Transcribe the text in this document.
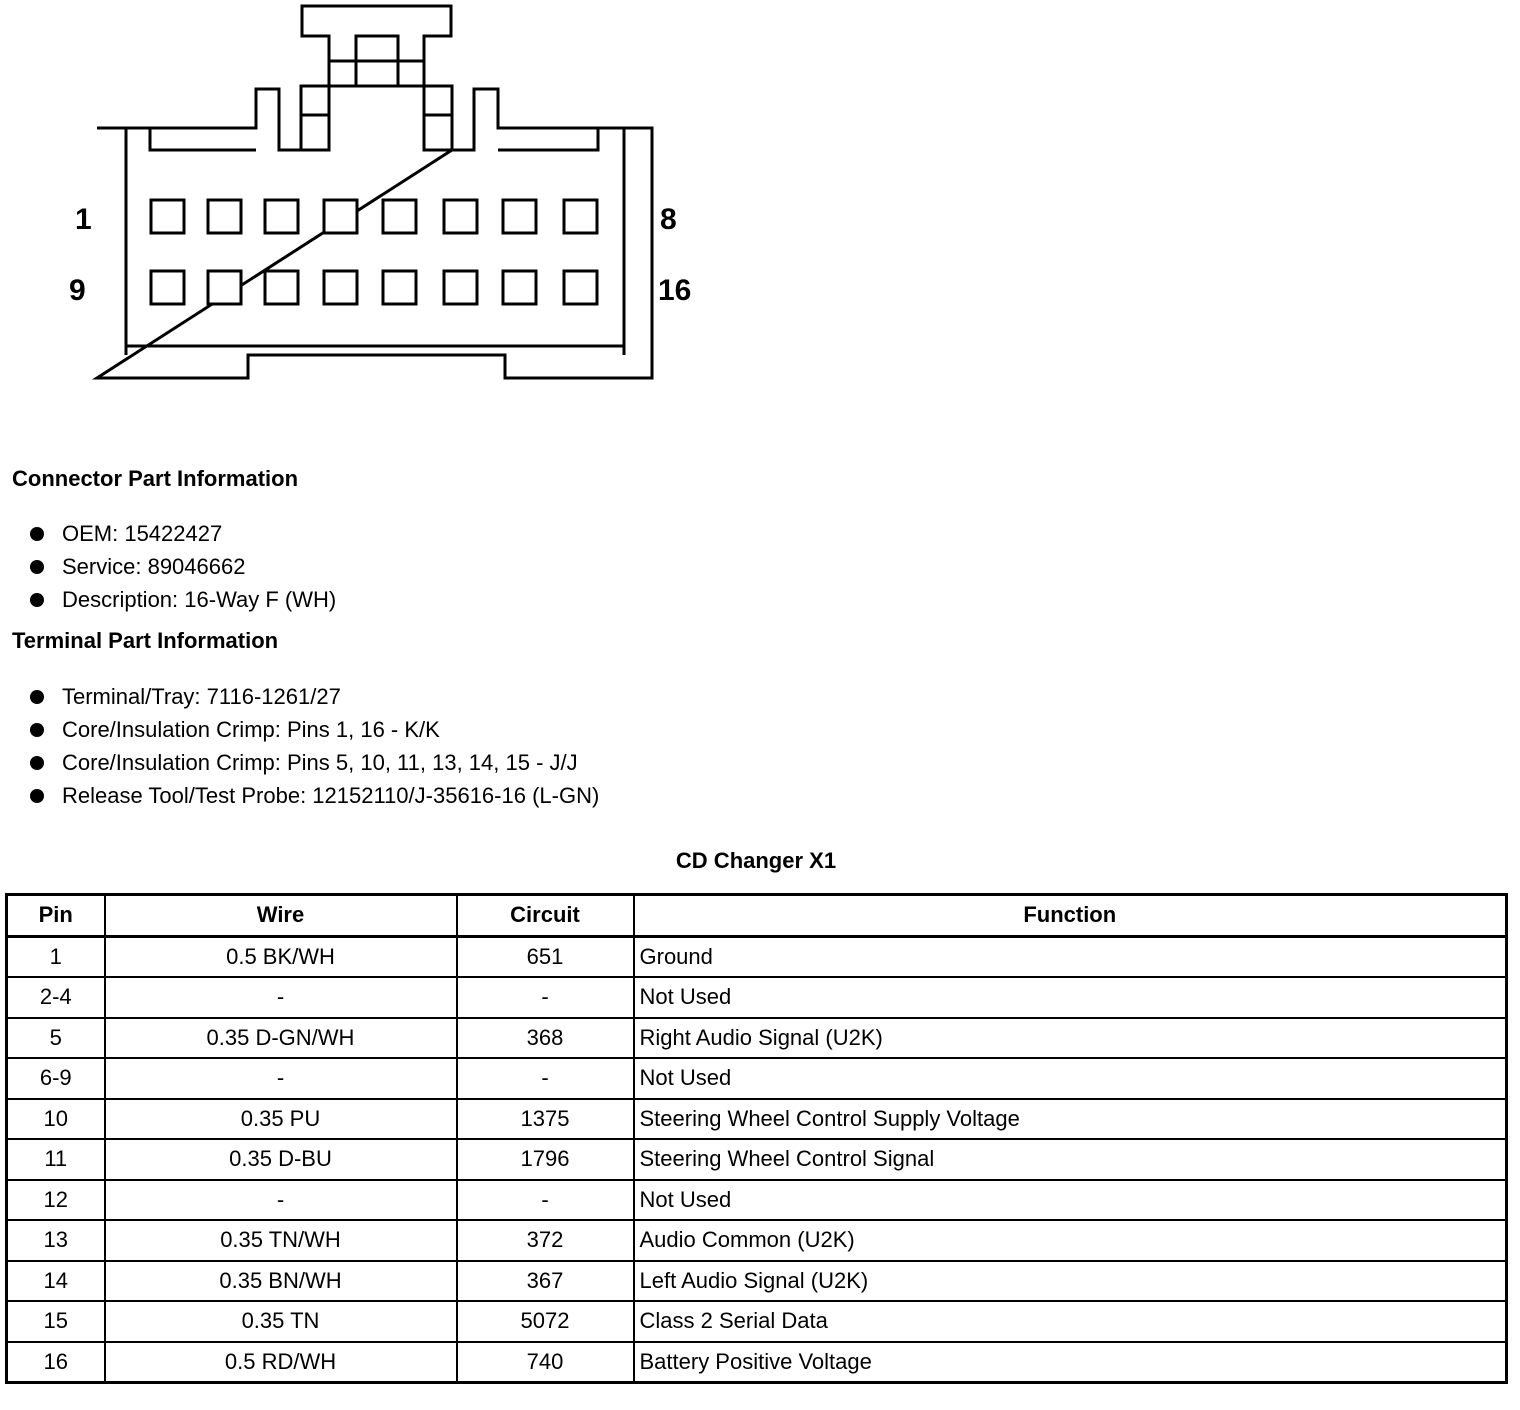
1
9
8
16
Connector Part Information
OEM: 15422427
Service: 89046662
Description: 16-Way F (WH)
Terminal Part Information
Terminal/Tray: 7116-1261/27
Core/Insulation Crimp: Pins 1, 16 - K/K
Core/Insulation Crimp: Pins 5, 10, 11, 13, 14, 15 - J/J
Release Tool/Test Probe: 12152110/J-35616-16 (L-GN)
CD Changer X1
Pin	Wire	Circuit	Function
1	0.5 BK/WH	651	Ground
2-4	-	-	Not Used
5	0.35 D-GN/WH	368	Right Audio Signal (U2K)
6-9	-	-	Not Used
10	0.35 PU	1375	Steering Wheel Control Supply Voltage
11	0.35 D-BU	1796	Steering Wheel Control Signal
12	-	-	Not Used
13	0.35 TN/WH	372	Audio Common (U2K)
14	0.35 BN/WH	367	Left Audio Signal (U2K)
15	0.35 TN	5072	Class 2 Serial Data
16	0.5 RD/WH	740	Battery Positive Voltage
